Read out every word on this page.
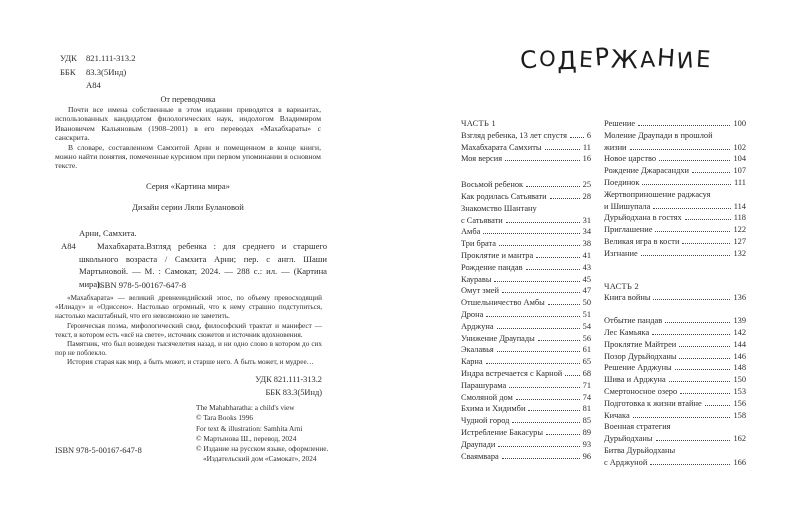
УДК 821.111-313.2
ББК 83.3(5Инд)
А84
От переводчика
Почти все имена собственные в этом издании приводятся в вариантах, использованных кандидатом филологических наук, индологом Владимиром Ивановичем Кальяновым (1908–2001) в его переводах «Махабхараты» с санскрита.
В словаре, составленном Самхитой Арни и помещенном в конце книги, можно найти понятия, помеченные курсивом при первом упоминании в основном тексте.
Серия «Картина мира»
Дизайн серии Ляли Булановой
Арни, Самхита.
А84	Махабхарата.Взгляд ребенка : для среднего и старшего школьного возраста / Самхита Арни; пер. с англ. Шаши Мартыновой. — М. : Самокат, 2024. — 288 с.: ил. — (Картина мира).

ISBN 978-5-00167-647-8
«Махабхарата» — великий древнеиндийский эпос, по объему превосходящий «Илиаду» и «Одиссею». Настолько огромный, что к нему страшно подступиться, настолько масштабный, что его невозможно не заметить.
Героическая поэма, мифологический свод, философский трактат и манифест — текст, в котором есть «всё на свете», источник сюжетов и источник вдохновения.
Памятник, что был возведен тысячелетия назад, и ни одно слово в котором до сих пор не поблекло.
История старая как мир, а быть может, и старше него. А быть может, и мудрее…
УДК 821.111-313.2
ББК 83.3(5Инд)
The Mahabharatha: a child's view
© Tara Books 1996
For text & illustration: Samhita Arni
© Мартынова Ш., перевод, 2024
© Издание на русском языке, оформление.
«Издательский дом «Самокат», 2024
ISBN 978-5-00167-647-8
СОДЕРЖАНИЕ
ЧАСТЬ 1
Взгляд ребенка, 13 лет спустя 6
Махабхарата Самхиты	11
Моя версия	16
Восьмой ребенок	25
Как родилась Сатьявати	28
Знакомство Шантану
с Сатьявати	31
Амба	34
Три брата	38
Проклятие и мантра	41
Рождение пандав	43
Кауравы	45
Омут змей	47
Отшельничество Амбы	50
Дрона	51
Арджуна	54
Унижение Драупады	56
Экалавья	61
Карна	65
Индра встречается с Карной 68
Парашурама	71
Смоляной дом	74
Бхима и Хидимби	81
Чудной город	85
Истребление Бакасуры	89
Драупади	93
Сваямвара	96
Решение	100
Моление Драупади в прошлой
жизни	102
Новое царство	104
Рождение Джарасандхи	107
Поединок	111
Жертвоприношение раджасуя
и Шишупала	114
Дурьйодхана в гостях	118
Приглашение	122
Великая игра в кости	127
Изгнание	132
ЧАСТЬ 2
Книга войны	136
Отбытие пандав	139
Лес Камьяка	142
Проклятие Майтреи	144
Позор Дурьйодханы	146
Решение Арджуны	148
Шива и Арджуна	150
Смертоносное озеро	153
Подготовка к жизни втайне	156
Кичака	158
Военная стратегия
Дурьйодханы	162
Битва Дурьйодханы
с Арджуной	166
